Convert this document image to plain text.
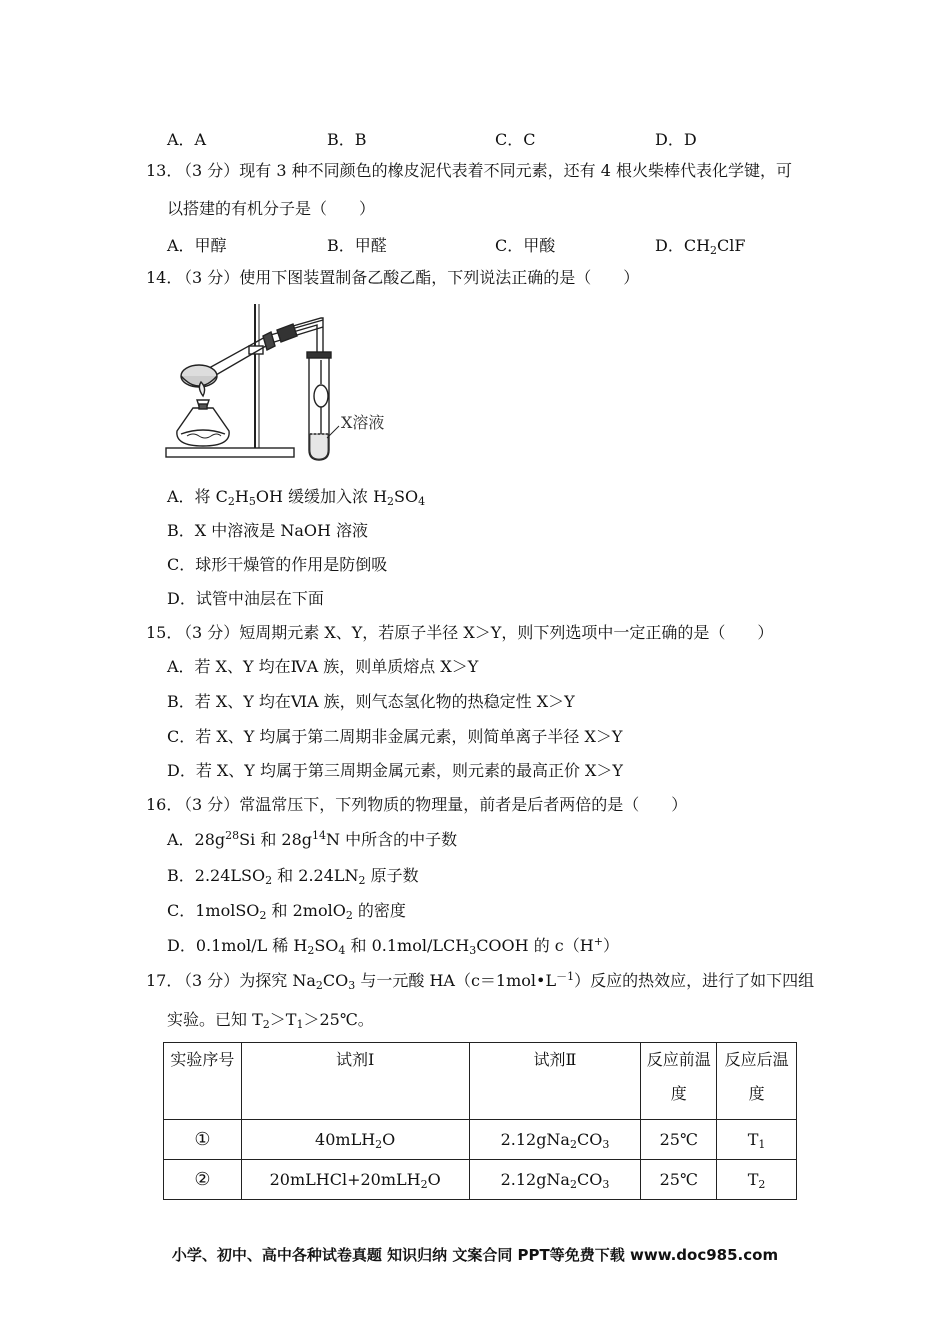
A．A	B．B	C．C	D．D
13．
（3 分）现有 3 种不同颜色的橡皮泥代表着不同元素，还有 4 根火柴棒代表化学键，可
以搭建的有机分子是（　　）
A．甲醇	B．甲醛	C．甲酸	D．$CH_2ClF$
14．
（3 分）使用下图装置制备乙酸乙酯，下列说法正确的是（　　）
X溶液
A．将 $C_2H_5OH$ 缓缓加入浓 $H_2SO_4$
B．X 中溶液是 NaOH 溶液
C．球形干燥管的作用是防倒吸
D．试管中油层在下面
15．
（3 分）短周期元素 X、Y，若原子半径 X＞Y，则下列选项中一定正确的是（　　）
A．若 X、Y 均在ⅣA 族，则单质熔点 X＞Y
B．若 X、Y 均在ⅥA 族，则气态氢化物的热稳定性 X＞Y
C．若 X、Y 均属于第二周期非金属元素，则简单离子半径 X＞Y
D．若 X、Y 均属于第三周期金属元素，则元素的最高正价 X＞Y
16．
（3 分）常温常压下，下列物质的物理量，前者是后者两倍的是（　　）
A．$28g^{28}Si$ 和 $28g^{14}N$ 中所含的中子数
B．$2.24LSO_2$ 和 $2.24LN_2$ 原子数
C．1molSO$_2$ 和 2molO$_2$ 的密度
D．0.1mol/L 稀 $H_2SO_4$ 和 $0.1mol/LCH_3COOH$ 的 c（H+）
17．
（3 分）为探究 $Na_2CO_3$ 与一元酸 $HA(c=1mol•L^{-1})$反应的热效应，进行了如下四组
实验。已知 $T_2>T_1>25℃$。
实验序号	试剂Ⅰ	试剂Ⅱ	反应前温度	反应后温度
①	40mLH$_2$O	$2.12gNa_2CO_3$	25℃	$T_1$
②	20mLHCl+20mLH$_2$O	$2.12gNa_2CO_3$	25℃	$T_2$
小学、初中、高中各种试卷真题 知识归纳 文案合同 PPT等免费下载 www.doc985.com
